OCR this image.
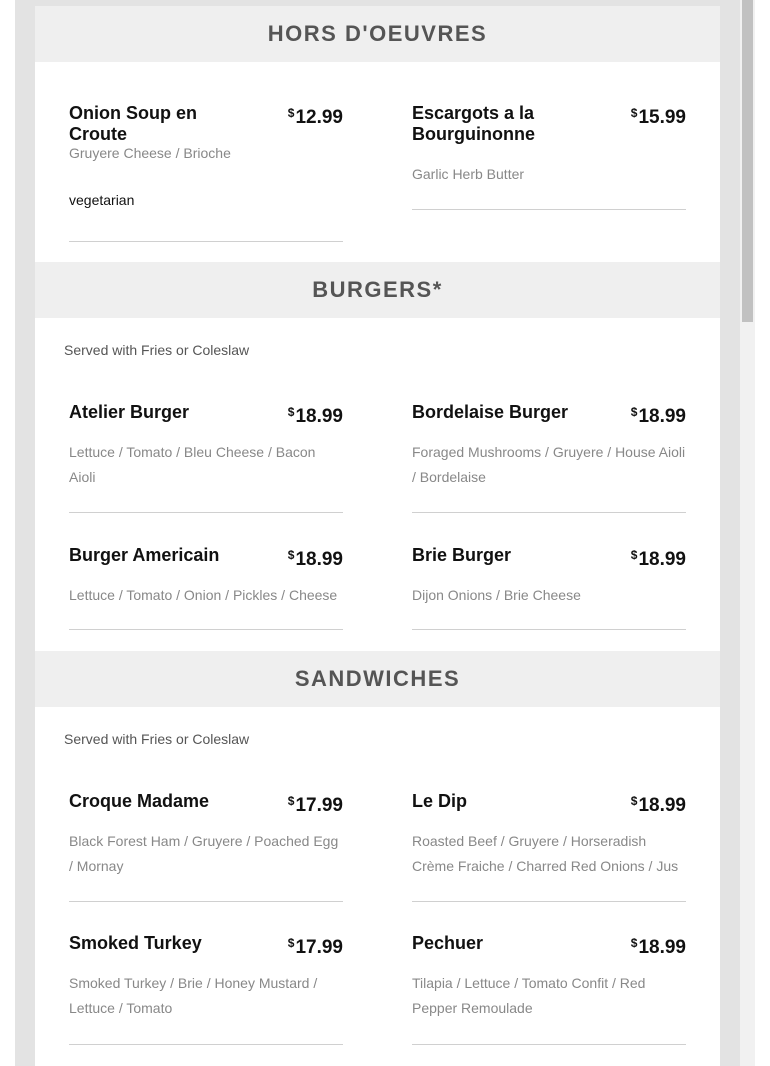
HORS D'OEUVRES
Onion Soup en Croute
$12.99
Gruyere Cheese / Brioche
vegetarian
Escargots a la Bourguinonne
$15.99
Garlic Herb Butter
BURGERS*
Served with Fries or Coleslaw
Atelier Burger	$18.99
Lettuce / Tomato / Bleu Cheese / Bacon Aioli
Bordelaise Burger	$18.99
Foraged Mushrooms / Gruyere / House Aioli / Bordelaise
Burger Americain	$18.99
Lettuce / Tomato / Onion / Pickles / Cheese
Brie Burger	$18.99
Dijon Onions / Brie Cheese
SANDWICHES
Served with Fries or Coleslaw
Croque Madame	$17.99
Black Forest Ham / Gruyere / Poached Egg / Mornay
Le Dip	$18.99
Roasted Beef / Gruyere / Horseradish Crème Fraiche / Charred Red Onions / Jus
Smoked Turkey	$17.99
Smoked Turkey / Brie / Honey Mustard / Lettuce / Tomato
Pechuer	$18.99
Tilapia / Lettuce / Tomato Confit / Red Pepper Remoulade
